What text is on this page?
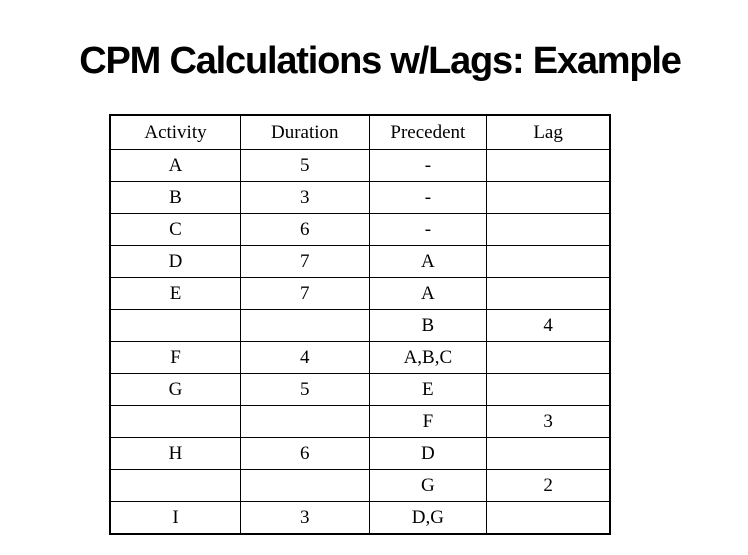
CPM Calculations w/Lags: Example
Activity	Duration	Precedent	Lag
A	5	-	
B	3	-	
C	6	-	
D	7	A	
E	7	A	
		B	4
F	4	A,B,C	
G	5	E	
		F	3
H	6	D	
		G	2
I	3	D,G	
